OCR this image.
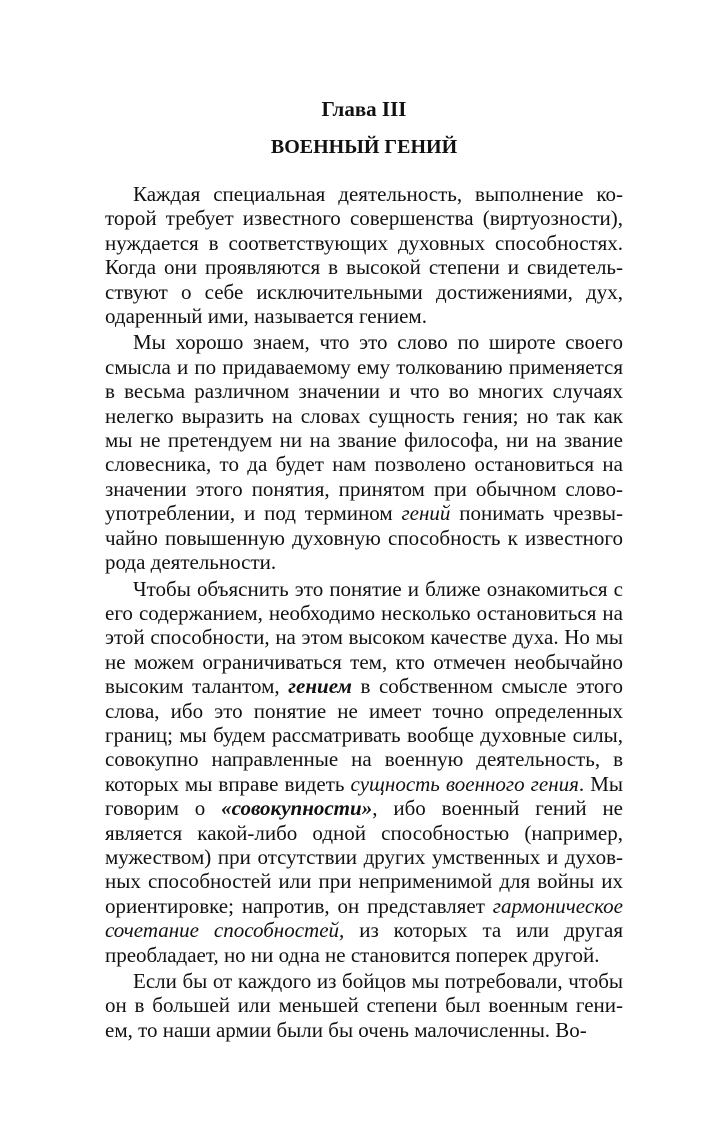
Глава III
ВОЕННЫЙ ГЕНИЙ

Каждая специальная деятельность, выполнение которой требует известного совершенства (виртуозности), нуждается в соответствующих духовных способностях. Когда они проявляются в высокой степени и свидетельствуют о себе исключительными достижениями, дух, одаренный ими, называется гением.

Мы хорошо знаем, что это слово по широте своего смысла и по придаваемому ему толкованию применяется в весьма различном значении и что во многих случаях нелегко выразить на словах сущность гения; но так как мы не претендуем ни на звание философа, ни на звание словесника, то да будет нам позволено остановиться на значении этого понятия, принятом при обычном словоупотреблении, и под термином гений понимать чрезвычайно повышенную духовную способность к известного рода деятельности.

Чтобы объяснить это понятие и ближе ознакомиться с его содержанием, необходимо несколько остановиться на этой способности, на этом высоком качестве духа. Но мы не можем ограничиваться тем, кто отмечен необычайно высоким талантом, гением в собственном смысле этого слова, ибо это понятие не имеет точно определенных границ; мы будем рассматривать вообще духовные силы, совокупно направленные на военную деятельность, в которых мы вправе видеть сущность военного гения. Мы говорим о «совокупности», ибо военный гений не является какой-либо одной способностью (например, мужеством) при отсутствии других умственных и духовных способностей или при неприменимой для войны их ориентировке; напротив, он представляет гармоническое сочетание способностей, из которых та или другая преобладает, но ни одна не становится поперек другой.

Если бы от каждого из бойцов мы потребовали, чтобы он в большей или меньшей степени был военным гением, то наши армии были бы очень малочисленны. Во-
